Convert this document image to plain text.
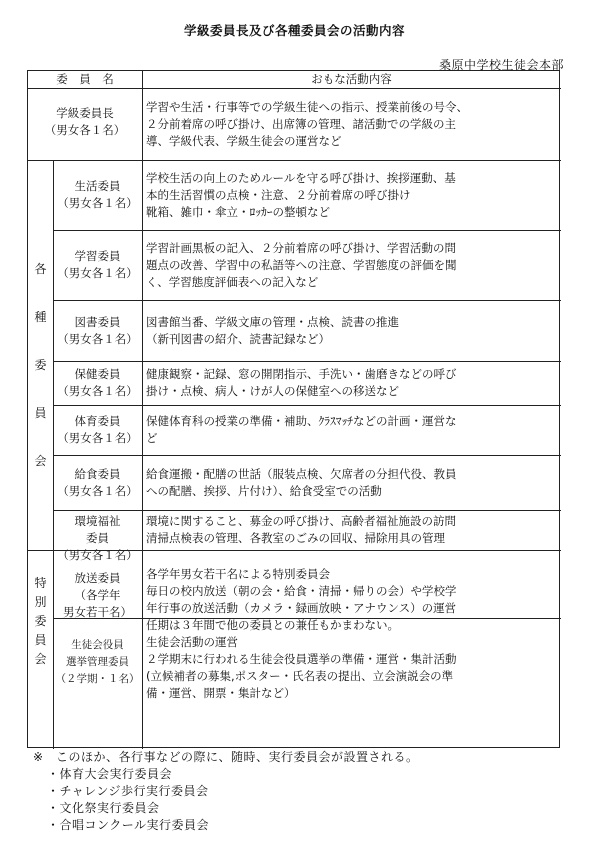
学級委員長及び各種委員会の活動内容
桑原中学校生徒会本部
委　員　名	おもな活動内容
学級委員長
（男女各１名）
学習や生活・行事等での学級生徒への指示、授業前後の号令、
２分前着席の呼び掛け、出席簿の管理、諸活動での学級の主
導、学級代表、学級生徒会の運営など
生活委員
（男女各１名）
学校生活の向上のためルールを守る呼び掛け、挨拶運動、基
本的生活習慣の点検・注意、２分前着席の呼び掛け
靴箱、雑巾・傘立・ﾛｯｶｰの整頓など
学習委員
（男女各１名）
学習計画黒板の記入、２分前着席の呼び掛け、学習活動の問
題点の改善、学習中の私語等への注意、学習態度の評価を聞
く、学習態度評価表への記入など
図書委員
（男女各１名）
図書館当番、学級文庫の管理・点検、読書の推進
（新刊図書の紹介、読書記録など）
保健委員
（男女各１名）
健康観察・記録、窓の開閉指示、手洗い・歯磨きなどの呼び
掛け・点検、病人・けが人の保健室への移送など
体育委員
（男女各１名）
保健体育科の授業の準備・補助、ｸﾗｽﾏｯﾁなどの計画・運営な
ど
給食委員
（男女各１名）
給食運搬・配膳の世話（服装点検、欠席者の分担代役、教員
への配膳、挨拶、片付け）、給食受室での活動
環境福祉
委員
（男女各１名）
環境に関すること、募金の呼び掛け、高齢者福祉施設の訪問
清掃点検表の管理、各教室のごみの回収、掃除用具の管理
各
種
委
員
会
放送委員
（各学年
男女若干名）
各学年男女若干名による特別委員会
毎日の校内放送（朝の会・給食・清掃・帰りの会）や学校学
年行事の放送活動（カメラ・録画放映・アナウンス）の運営
任期は３年間で他の委員との兼任もかまわない。
生徒会役員
選挙管理委員
（２学期・１名）
生徒会活動の運営
２学期末に行われる生徒会役員選挙の準備・運営・集計活動
(立候補者の募集,ポスター・氏名表の提出、立会演説会の準
備・運営、開票・集計など）
特
別
委
員
会
※　このほか、各行事などの際に、随時、実行委員会が設置される。
・体育大会実行委員会
・チャレンジ歩行実行委員会
・文化祭実行委員会
・合唱コンクール実行委員会
